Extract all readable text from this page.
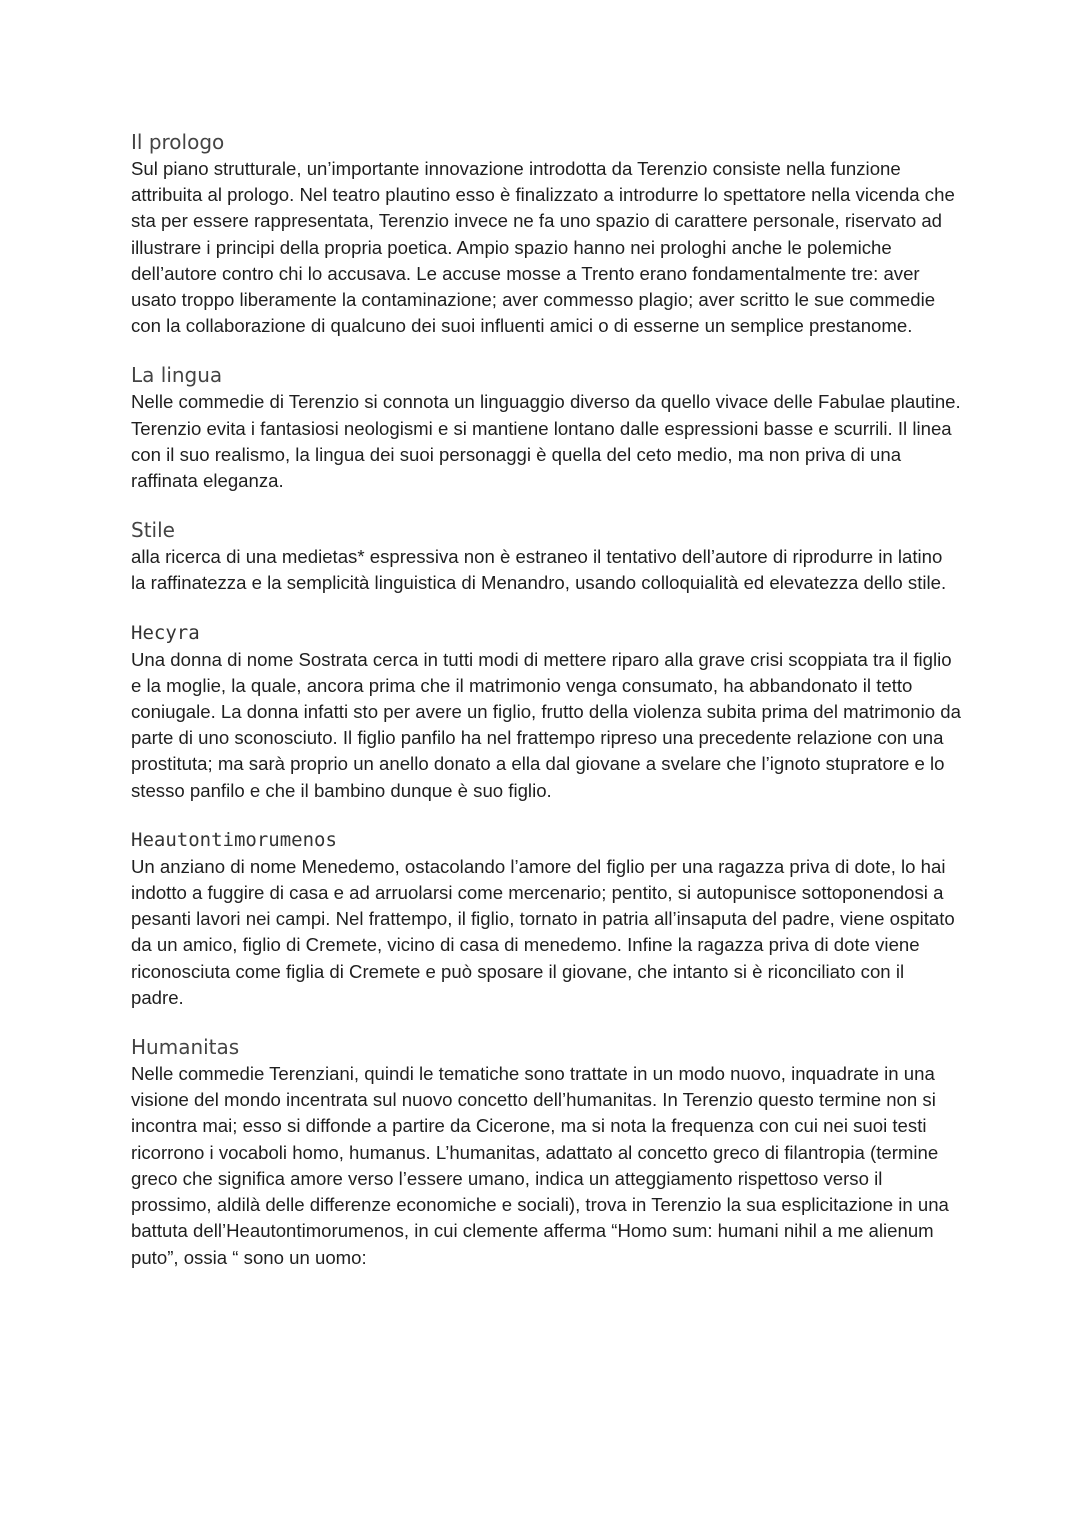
Il prologo

Sul piano strutturale, un’importante innovazione introdotta da Terenzio consiste nella funzione attribuita al prologo. Nel teatro plautino esso è finalizzato a introdurre lo spettatore nella vicenda che sta per essere rappresentata, Terenzio invece ne fa uno spazio di carattere personale, riservato ad illustrare i principi della propria poetica. Ampio spazio hanno nei prologhi anche le polemiche dell’autore contro chi lo accusava. Le accuse mosse a Trento erano fondamentalmente tre: aver usato troppo liberamente la contaminazione; aver commesso plagio; aver scritto le sue commedie con la collaborazione di qualcuno dei suoi influenti amici o di esserne un semplice prestanome.

La lingua

Nelle commedie di Terenzio si connota un linguaggio diverso da quello vivace delle Fabulae plautine. Terenzio evita i fantasiosi neologismi e si mantiene lontano dalle espressioni basse e scurrili. Il linea con il suo realismo, la lingua dei suoi personaggi è quella del ceto medio, ma non priva di una raffinata eleganza.

Stile

alla ricerca di una medietas* espressiva non è estraneo il tentativo dell’autore di riprodurre in latino la raffinatezza e la semplicità linguistica di Menandro, usando colloquialità ed elevatezza dello stile.

Hecyra

Una donna di nome Sostrata cerca in tutti modi di mettere riparo alla grave crisi scoppiata tra il figlio e la moglie, la quale, ancora prima che il matrimonio venga consumato, ha abbandonato il tetto coniugale. La donna infatti sto per avere un figlio, frutto della violenza subita prima del matrimonio da parte di uno sconosciuto. Il figlio panfilo ha nel frattempo ripreso una precedente relazione con una prostituta; ma sarà proprio un anello donato a ella dal giovane a svelare che l’ignoto stupratore e lo stesso panfilo e che il bambino dunque è suo figlio.

Heautontimorumenos

Un anziano di nome Menedemo, ostacolando l’amore del figlio per una ragazza priva di dote, lo hai indotto a fuggire di casa e ad arruolarsi come mercenario; pentito, si autopunisce sottoponendosi a pesanti lavori nei campi. Nel frattempo, il figlio, tornato in patria all’insaputa del padre, viene ospitato da un amico, figlio di Cremete, vicino di casa di menedemo. Infine la ragazza priva di dote viene riconosciuta come figlia di Cremete e può sposare il giovane, che intanto si è riconciliato con il padre.

Humanitas

Nelle commedie Terenziani, quindi le tematiche sono trattate in un modo nuovo, inquadrate in una visione del mondo incentrata sul nuovo concetto dell’humanitas. In Terenzio questo termine non si incontra mai; esso si diffonde a partire da Cicerone, ma si nota la frequenza con cui nei suoi testi ricorrono i vocaboli homo, humanus. L’humanitas, adattato al concetto greco di filantropia (termine greco che significa amore verso l’essere umano, indica un atteggiamento rispettoso verso il prossimo, aldilà delle differenze economiche e sociali), trova in Terenzio la sua esplicitazione in una battuta dell’Heautontimorumenos, in cui clemente afferma “Homo sum: humani nihil a me alienum puto”, ossia “ sono un uomo:
